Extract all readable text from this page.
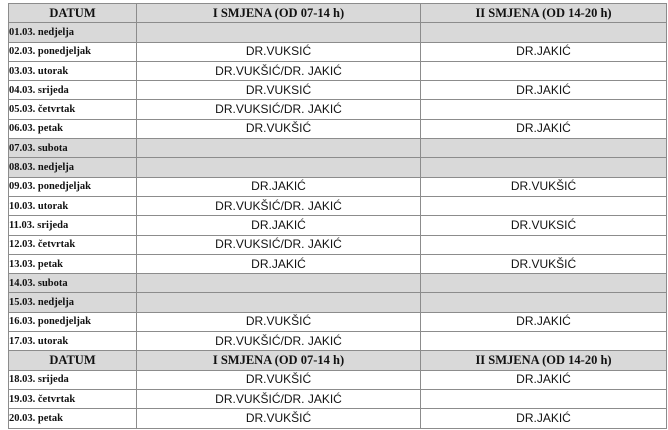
DATUM	I SMJENA (OD 07-14 h)	II SMJENA (OD 14-20 h)
01.03. nedjelja		
02.03. ponedjeljak	DR.VUKSIĆ	DR.JAKIĆ
03.03. utorak	DR.VUKŠIĆ/DR. JAKIĆ	
04.03. srijeda	DR.VUKSIĆ	DR.JAKIĆ
05.03. četvrtak	DR.VUKSIĆ/DR. JAKIĆ	
06.03. petak	DR.VUKŠIĆ	DR.JAKIĆ
07.03. subota		
08.03. nedjelja		
09.03. ponedjeljak	DR.JAKIĆ	DR.VUKŠIĆ
10.03. utorak	DR.VUKŠIĆ/DR. JAKIĆ	
11.03. srijeda	DR.JAKIĆ	DR.VUKSIĆ
12.03. četvrtak	DR.VUKSIĆ/DR. JAKIĆ	
13.03. petak	DR.JAKIĆ	DR.VUKŠIĆ
14.03. subota		
15.03. nedjelja		
16.03. ponedjeljak	DR.VUKŠIĆ	DR.JAKIĆ
17.03. utorak	DR.VUKŠIĆ/DR. JAKIĆ	
DATUM	I SMJENA (OD 07-14 h)	II SMJENA (OD 14-20 h)
18.03. srijeda	DR.VUKŠIĆ	DR.JAKIĆ
19.03. četvrtak	DR.VUKŠIĆ/DR. JAKIĆ	
20.03. petak	DR.VUKŠIĆ	DR.JAKIĆ
